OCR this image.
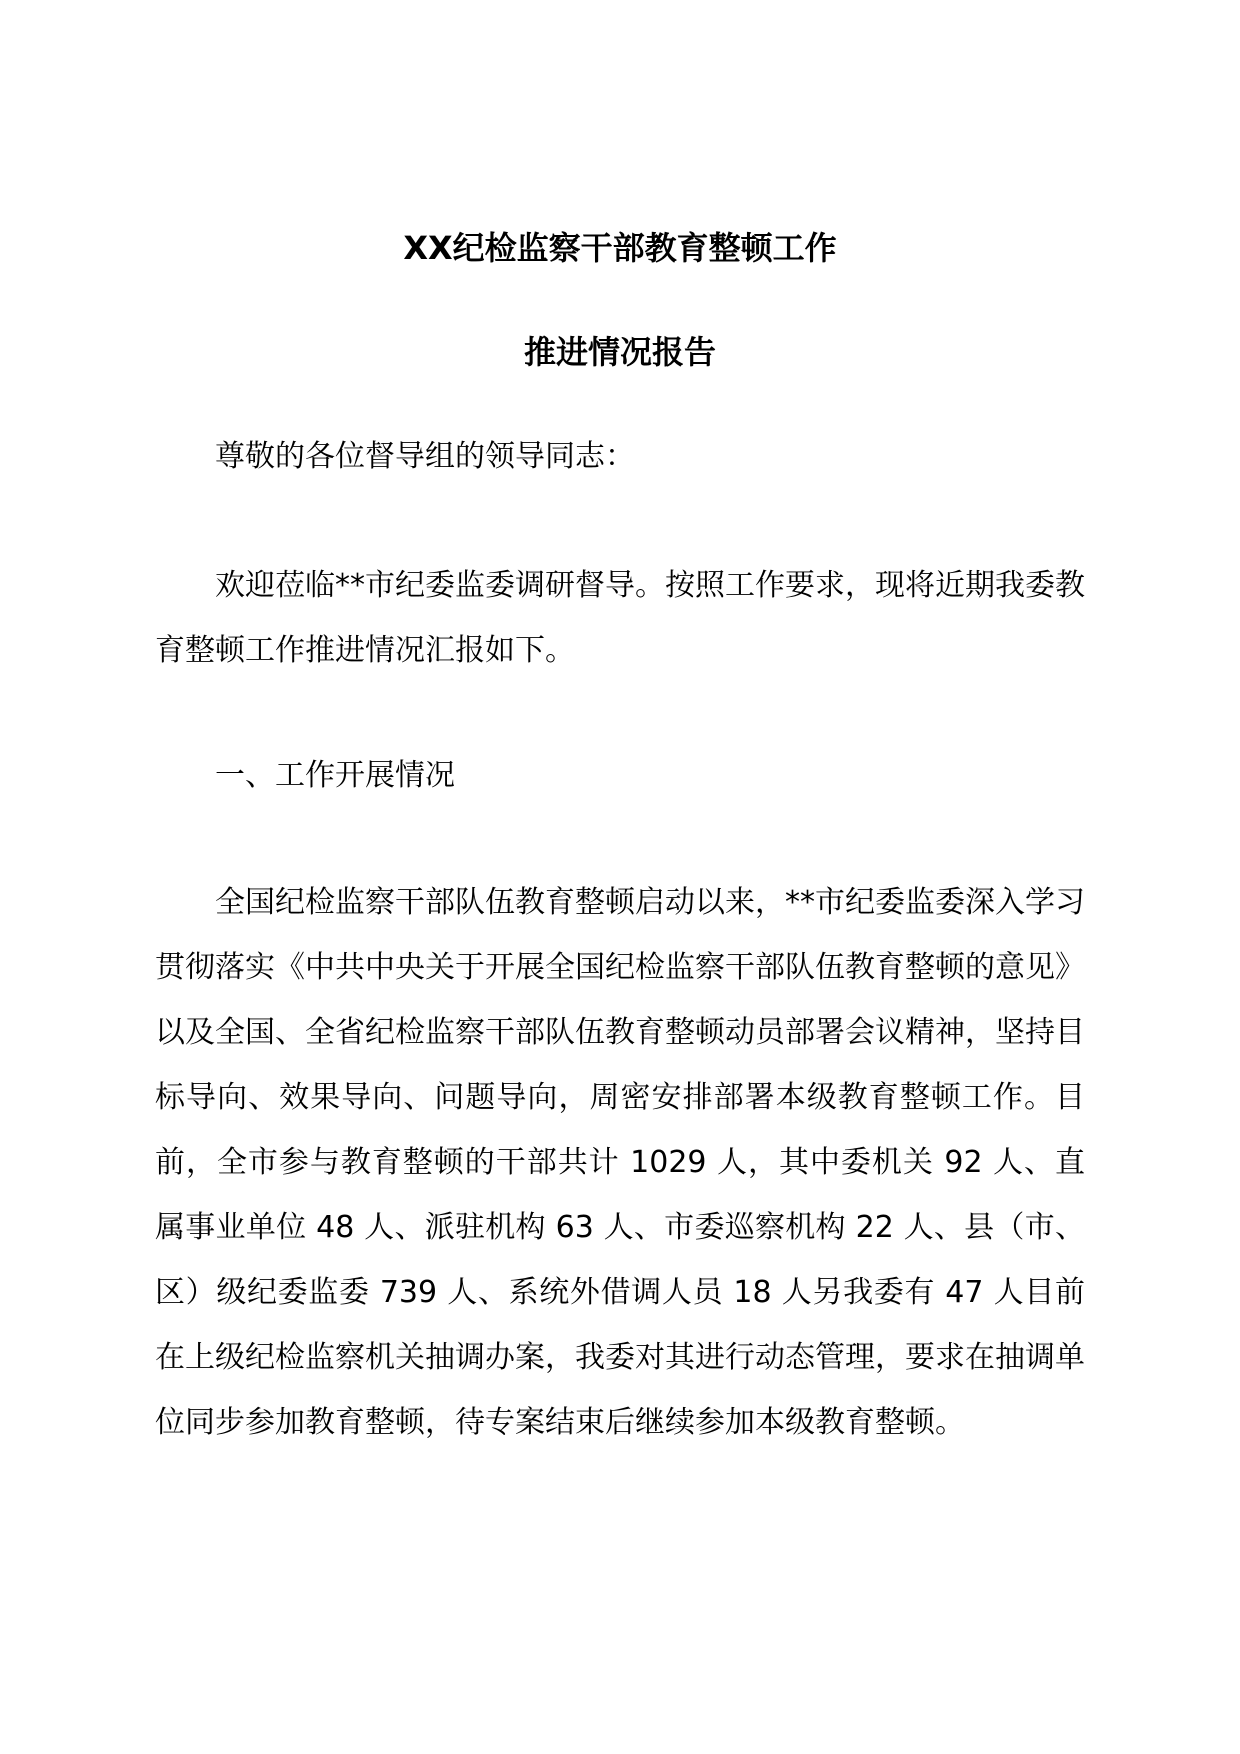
XX纪检监察干部教育整顿工作
推进情况报告

尊敬的各位督导组的领导同志：

欢迎莅临**市纪委监委调研督导。按照工作要求，现将近期我委教育整顿工作推进情况汇报如下。

一、工作开展情况

全国纪检监察干部队伍教育整顿启动以来，**市纪委监委深入学习贯彻落实《中共中央关于开展全国纪检监察干部队伍教育整顿的意见》以及全国、全省纪检监察干部队伍教育整顿动员部署会议精神，坚持目标导向、效果导向、问题导向，周密安排部署本级教育整顿工作。目前，全市参与教育整顿的干部共计 1029 人，其中委机关 92 人、直属事业单位 48 人、派驻机构 63 人、市委巡察机构 22 人、县（市、区）级纪委监委 739 人、系统外借调人员 18 人另我委有 47 人目前在上级纪检监察机关抽调办案，我委对其进行动态管理，要求在抽调单位同步参加教育整顿，待专案结束后继续参加本级教育整顿。
